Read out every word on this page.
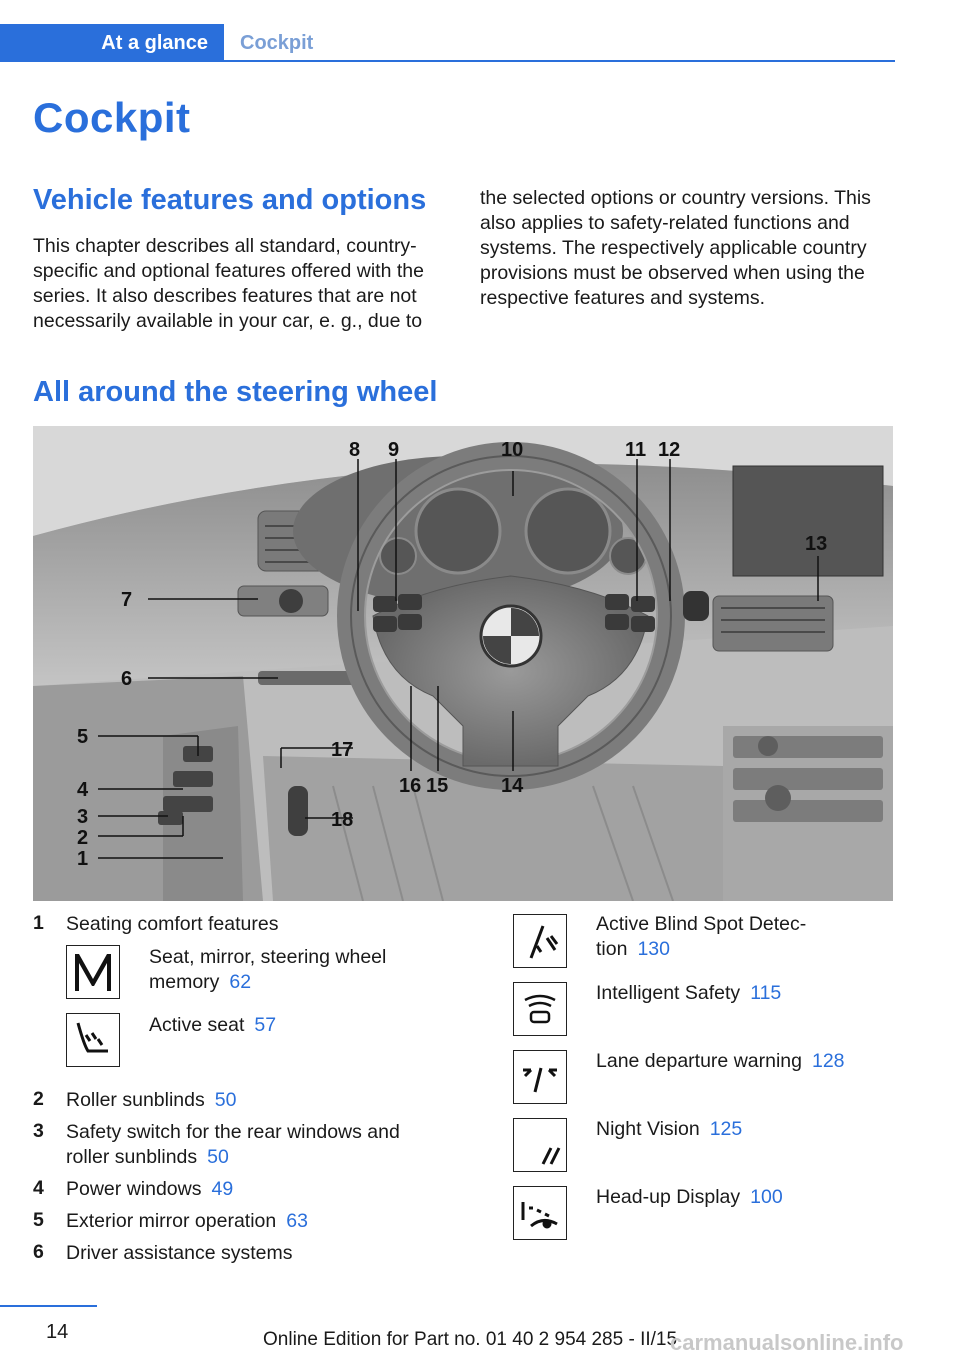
At a glance	Cockpit
Cockpit
Vehicle features and options

This chapter describes all standard, country-specific and optional features offered with the series. It also describes features that are not necessarily available in your car, e. g., due to

the selected options or country versions. This also applies to safety-related functions and systems. The respectively applicable country provisions must be observed when using the respective features and systems.

All around the steering wheel
8 9	10	11 12
13
7
6
5
4
3
2
1
17
18
16 15	14
1	Seating comfort features
Seat, mirror, steering wheel
memory 62
Active seat 57
2	Roller sunblinds 50
3	Safety switch for the rear windows and
roller sunblinds 50
4	Power windows 49
5	Exterior mirror operation 63
6	Driver assistance systems
Active Blind Spot Detec-
tion 130
Intelligent Safety 115
Lane departure warning 128
Night Vision 125
Head-up Display 100
14	Online Edition for Part no. 01 40 2 954 285 - II/15
carmanualsonline.info
